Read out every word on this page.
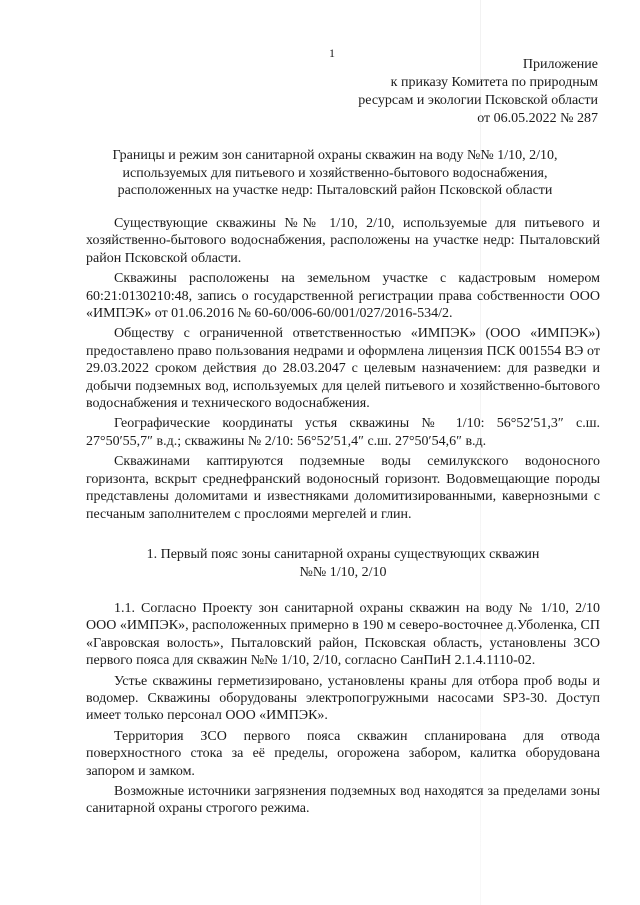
1
Приложение
к приказу Комитета по природным
ресурсам и экологии Псковской области
от 06.05.2022 № 287
Границы и режим зон санитарной охраны скважин на воду №№ 1/10, 2/10,
используемых для питьевого и хозяйственно-бытового водоснабжения,
расположенных на участке недр: Пыталовский район Псковской области

Существующие скважины №№ 1/10, 2/10, используемые для питьевого и хозяйственно-бытового водоснабжения, расположены на участке недр: Пыталовский район Псковской области.

Скважины расположены на земельном участке с кадастровым номером 60:21:0130210:48, запись о государственной регистрации права собственности ООО «ИМПЭК» от 01.06.2016 № 60-60/006-60/001/027/2016-534/2.

Обществу с ограниченной ответственностью «ИМПЭК» (ООО «ИМПЭК») предоставлено право пользования недрами и оформлена лицензия ПСК 001554 ВЭ от 29.03.2022 сроком действия до 28.03.2047 с целевым назначением: для разведки и добычи подземных вод, используемых для целей питьевого и хозяйственно-бытового водоснабжения и технического водоснабжения.

Географические координаты устья скважины № 1/10: 56°52′51,3″ с.ш. 27°50′55,7″ в.д.; скважины № 2/10: 56°52′51,4″ с.ш. 27°50′54,6″ в.д.

Скважинами каптируются подземные воды семилукского водоносного горизонта, вскрыт среднефранский водоносный горизонт. Водовмещающие породы представлены доломитами и известняками доломитизированными, кавернозными с песчаным заполнителем с прослоями мергелей и глин.

1. Первый пояс зоны санитарной охраны существующих скважин
№№ 1/10, 2/10

1.1. Согласно Проекту зон санитарной охраны скважин на воду № 1/10, 2/10 ООО «ИМПЭК», расположенных примерно в 190 м северо-восточнее д.Уболенка, СП «Гавровская волость», Пыталовский район, Псковская область, установлены ЗСО первого пояса для скважин №№ 1/10, 2/10, согласно СанПиН 2.1.4.1110-02.

Устье скважины герметизировано, установлены краны для отбора проб воды и водомер. Скважины оборудованы электропогружными насосами SP3-30. Доступ имеет только персонал ООО «ИМПЭК».

Территория ЗСО первого пояса скважин спланирована для отвода поверхностного стока за её пределы, огорожена забором, калитка оборудована запором и замком.

Возможные источники загрязнения подземных вод находятся за пределами зоны санитарной охраны строгого режима.
